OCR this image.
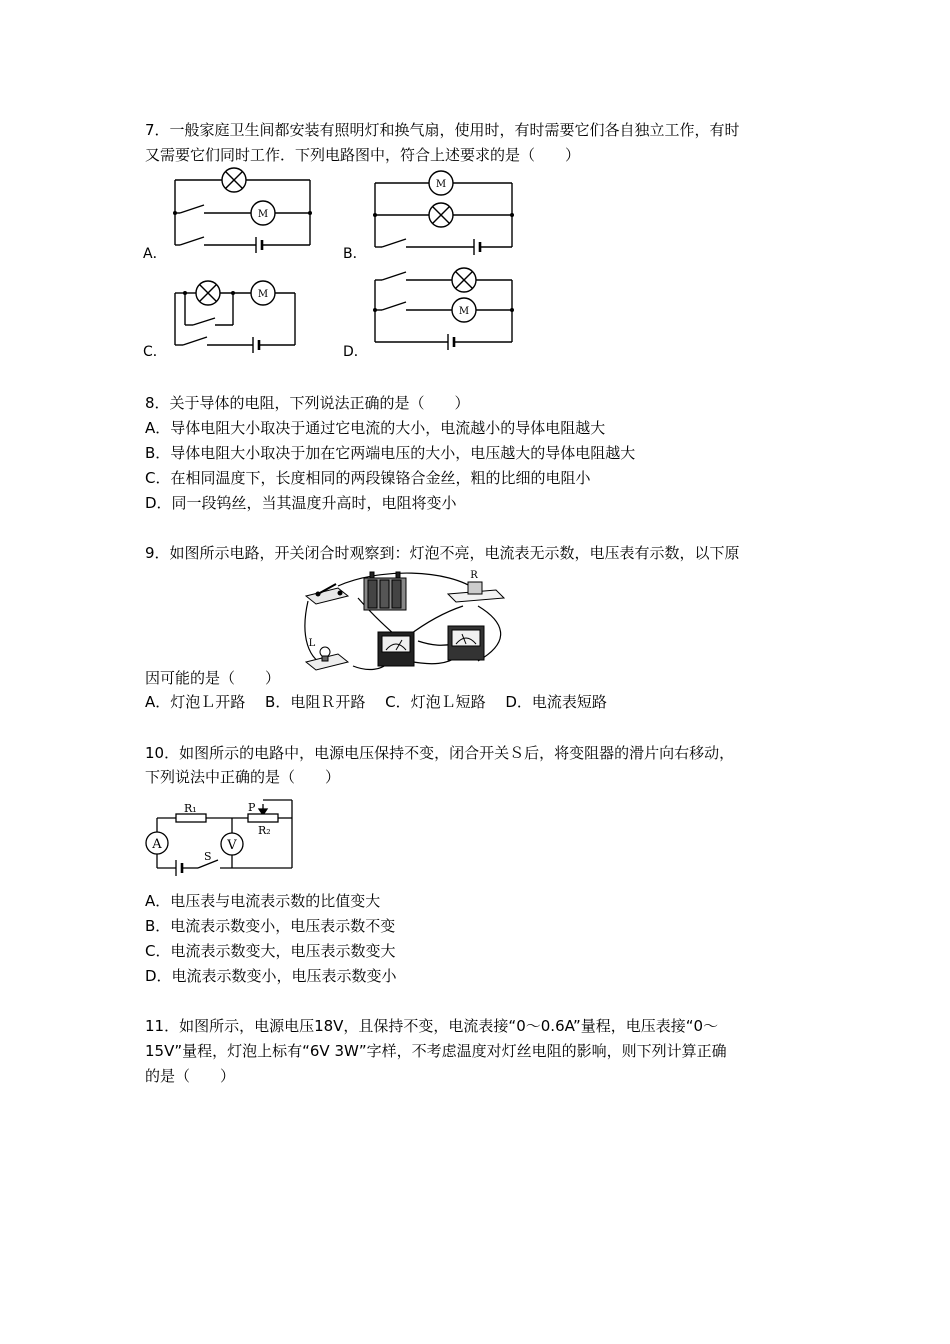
7．一般家庭卫生间都安装有照明灯和换气扇，使用时，有时需要它们各自独立工作，有时
又需要它们同时工作．下列电路图中，符合上述要求的是（　　）
M
A．
M
B．
M
C．
M
D．
8．关于导体的电阻，下列说法正确的是（　　）
A．导体电阻大小取决于通过它电流的大小，电流越小的导体电阻越大
B．导体电阻大小取决于加在它两端电压的大小，电压越大的导体电阻越大
C．在相同温度下，长度相同的两段镍铬合金丝，粗的比细的电阻小
D．同一段钨丝，当其温度升高时，电阻将变小
9．如图所示电路，开关闭合时观察到：灯泡不亮，电流表无示数，电压表有示数，以下原
R
L
因可能的是（　　）
A．灯泡Ｌ开路　 B．电阻Ｒ开路　 C．灯泡Ｌ短路　 D．电流表短路
10．如图所示的电路中，电源电压保持不变，闭合开关Ｓ后，将变阻器的滑片向右移动，
下列说法中正确的是（　　）
A	V
R₁
R₂
P
S
A．电压表与电流表示数的比值变大
B．电流表示数变小，电压表示数不变
C．电流表示数变大，电压表示数变大
D．电流表示数变小，电压表示数变小
11．如图所示，电源电压18V，且保持不变，电流表接“0～0.6A”量程，电压表接“0～
15V”量程，灯泡上标有“6V 3W”字样，不考虑温度对灯丝电阻的影响，则下列计算正确
的是（　　）
